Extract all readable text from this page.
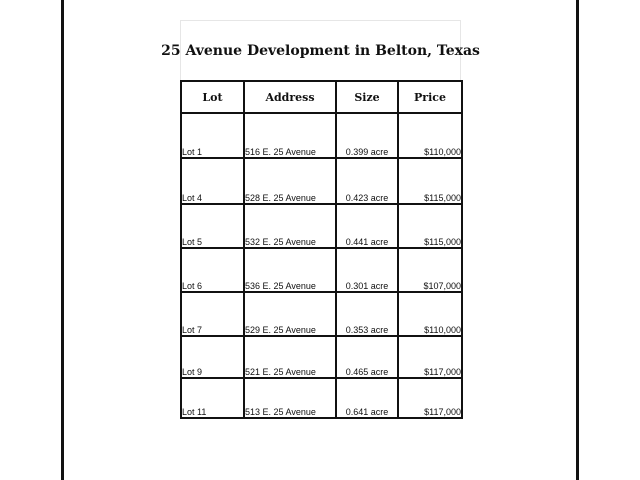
25 Avenue Development in Belton, Texas
Lot	Address	Size	Price
Lot 1	516 E. 25 Avenue	0.399 acre	$110,000
Lot 4	528 E. 25 Avenue	0.423 acre	$115,000
Lot 5	532 E. 25 Avenue	0.441 acre	$115,000
Lot 6	536 E. 25 Avenue	0.301 acre	$107,000
Lot 7	529 E. 25 Avenue	0.353 acre	$110,000
Lot 9	521 E. 25 Avenue	0.465 acre	$117,000
Lot 11	513 E. 25 Avenue	0.641 acre	$117,000
